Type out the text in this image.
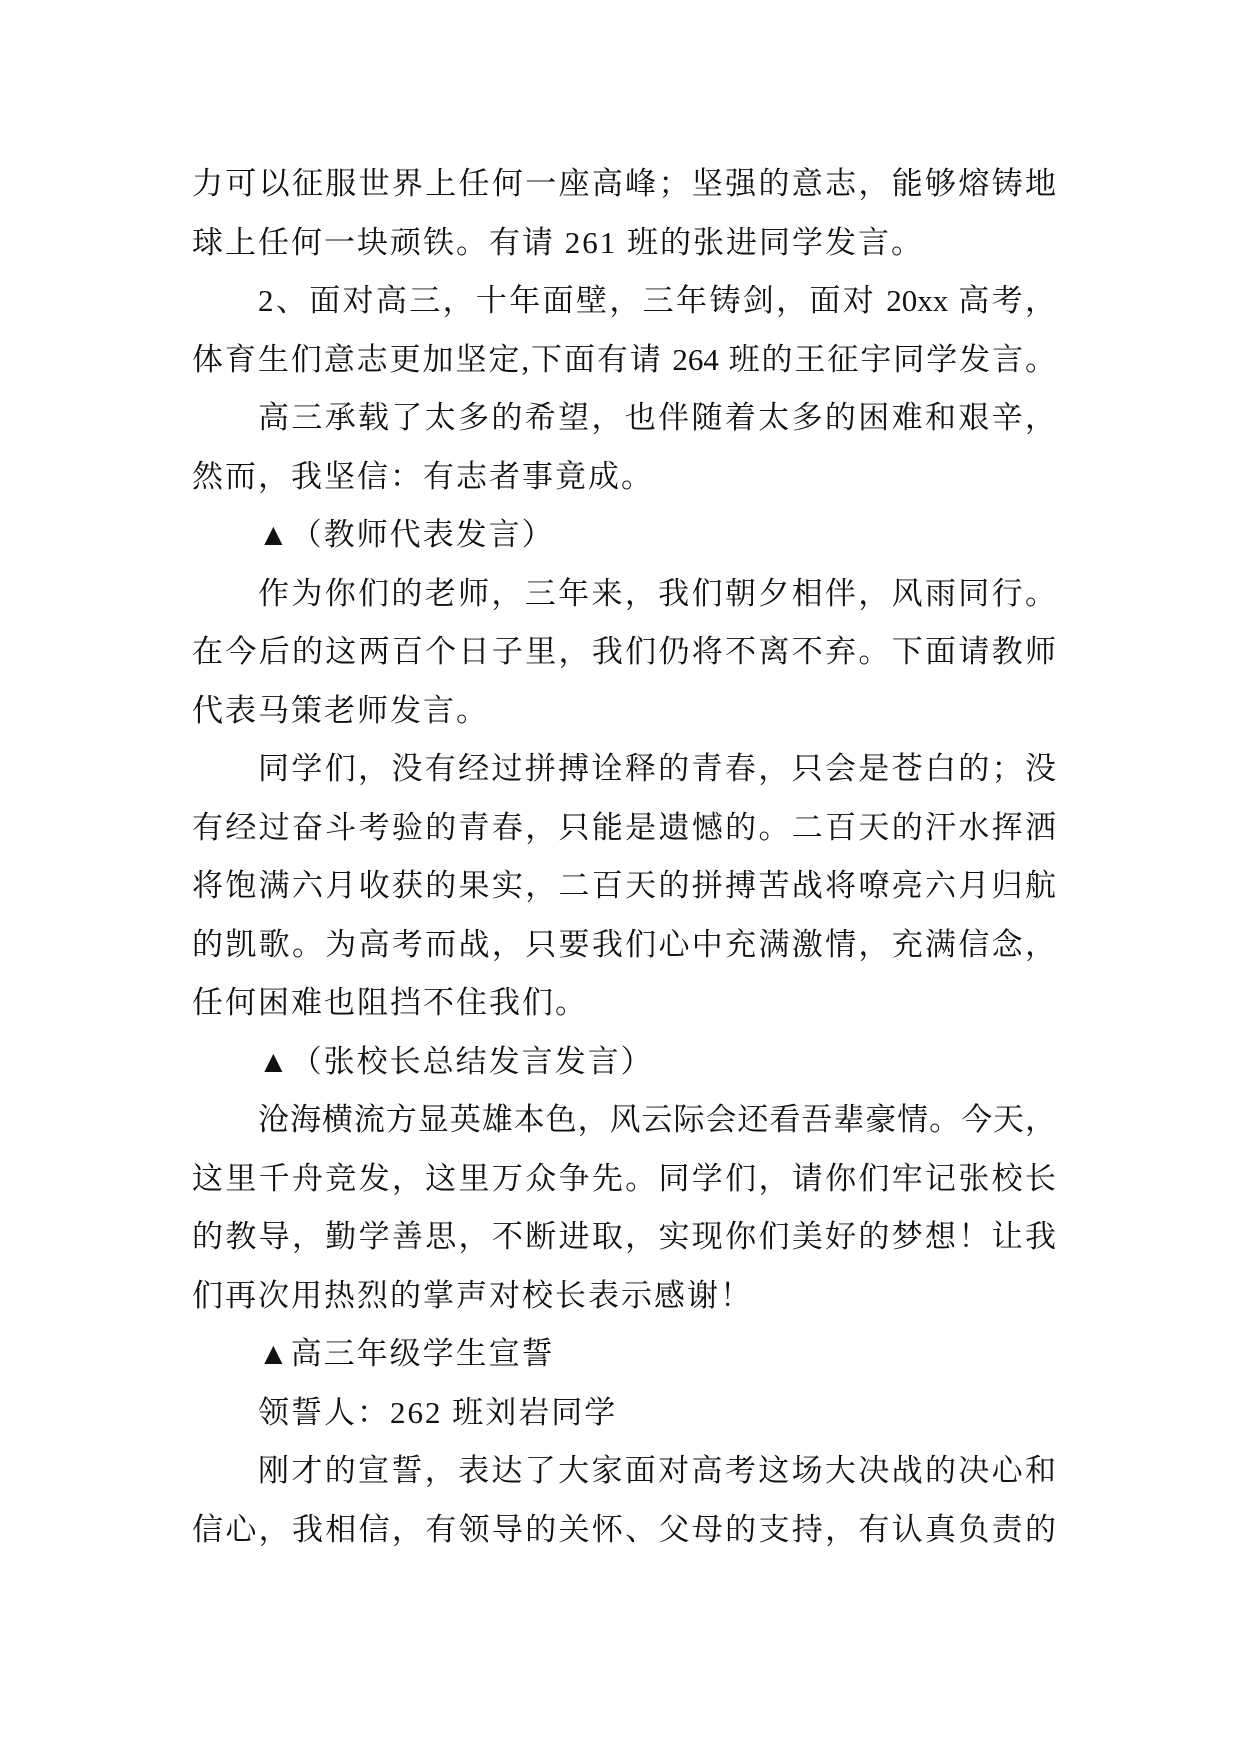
力可以征服世界上任何一座高峰；坚强的意志，能够熔铸地
球上任何一块顽铁。有请 261 班的张进同学发言。
2、面对高三，十年面壁，三年铸剑，面对 20xx 高考，
体育生们意志更加坚定,下面有请 264 班的王征宇同学发言。
高三承载了太多的希望，也伴随着太多的困难和艰辛，
然而，我坚信：有志者事竟成。
▲（教师代表发言）
作为你们的老师，三年来，我们朝夕相伴，风雨同行。
在今后的这两百个日子里，我们仍将不离不弃。下面请教师
代表马策老师发言。
同学们，没有经过拼搏诠释的青春，只会是苍白的；没
有经过奋斗考验的青春，只能是遗憾的。二百天的汗水挥洒
将饱满六月收获的果实，二百天的拼搏苦战将嘹亮六月归航
的凯歌。为高考而战，只要我们心中充满激情，充满信念，
任何困难也阻挡不住我们。
▲（张校长总结发言发言）
沧海横流方显英雄本色，风云际会还看吾辈豪情。今天，
这里千舟竞发，这里万众争先。同学们，请你们牢记张校长
的教导，勤学善思，不断进取，实现你们美好的梦想！让我
们再次用热烈的掌声对校长表示感谢！
▲高三年级学生宣誓
领誓人：262 班刘岩同学
刚才的宣誓，表达了大家面对高考这场大决战的决心和
信心，我相信，有领导的关怀、父母的支持，有认真负责的
